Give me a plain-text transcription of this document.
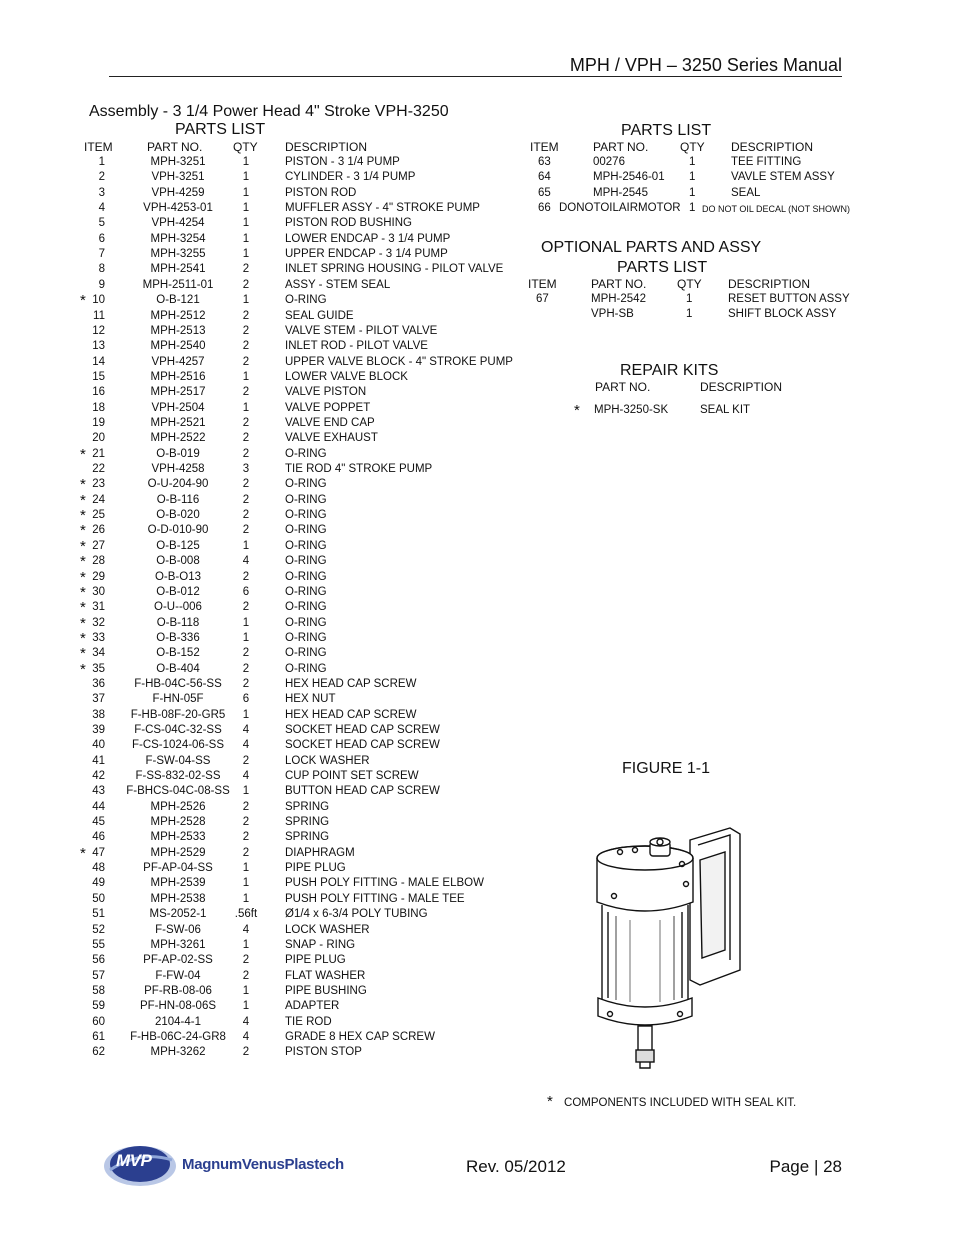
MPH / VPH – 3250 Series Manual
Assembly - 3 1/4 Power Head 4" Stroke VPH-3250
PARTS LIST
ITEM	PART NO.	QTY DESCRIPTION
1	MPH-3251	1	PISTON - 3 1/4 PUMP
2	VPH-3251	1	CYLINDER - 3 1/4 PUMP
3	VPH-4259	1	PISTON ROD
4	VPH-4253-01	1	MUFFLER ASSY - 4" STROKE PUMP
5	VPH-4254	1	PISTON ROD BUSHING
6	MPH-3254	1	LOWER ENDCAP - 3 1/4 PUMP
7	MPH-3255	1	UPPER ENDCAP - 3 1/4 PUMP
8	MPH-2541	2	INLET SPRING HOUSING - PILOT VALVE
9	MPH-2511-01	2	ASSY - STEM SEAL
* 10	O-B-121	1	O-RING
11	MPH-2512	2	SEAL GUIDE
12	MPH-2513	2	VALVE STEM - PILOT VALVE
13	MPH-2540	2	INLET ROD - PILOT VALVE
14	VPH-4257	2	UPPER VALVE BLOCK - 4" STROKE PUMP
15	MPH-2516	1	LOWER VALVE BLOCK
16	MPH-2517	2	VALVE PISTON
18	VPH-2504	1	VALVE POPPET
19	MPH-2521	2	VALVE END CAP
20	MPH-2522	2	VALVE EXHAUST
* 21	O-B-019	2	O-RING
22	VPH-4258	3	TIE ROD 4" STROKE PUMP
* 23	O-U-204-90	2	O-RING
* 24	O-B-116	2	O-RING
* 25	O-B-020	2	O-RING
* 26	O-D-010-90	2	O-RING
* 27	O-B-125	1	O-RING
* 28	O-B-008	4	O-RING
* 29	O-B-O13	2	O-RING
* 30	O-B-012	6	O-RING
* 31	O-U--006	2	O-RING
* 32	O-B-118	1	O-RING
* 33	O-B-336	1	O-RING
* 34	O-B-152	2	O-RING
* 35	O-B-404	2	O-RING
36	F-HB-04C-56-SS	2	HEX HEAD CAP SCREW
37	F-HN-05F	6	HEX NUT
38	F-HB-08F-20-GR5	1	HEX HEAD CAP SCREW
39	F-CS-04C-32-SS	4	SOCKET HEAD CAP SCREW
40	F-CS-1024-06-SS	4	SOCKET HEAD CAP SCREW
41	F-SW-04-SS	2	LOCK WASHER
42	F-SS-832-02-SS	4	CUP POINT SET SCREW
43	F-BHCS-04C-08-SS	1	BUTTON HEAD CAP SCREW
44	MPH-2526	2	SPRING
45	MPH-2528	2	SPRING
46	MPH-2533	2	SPRING
* 47	MPH-2529	2	DIAPHRAGM
48	PF-AP-04-SS	1	PIPE PLUG
49	MPH-2539	1	PUSH POLY FITTING - MALE ELBOW
50	MPH-2538	1	PUSH POLY FITTING - MALE TEE
51	MS-2052-1	.56ft	Ø1/4 x 6-3/4 POLY TUBING
52	F-SW-06	4	LOCK WASHER
55	MPH-3261	1	SNAP - RING
56	PF-AP-02-SS	2	PIPE PLUG
57	F-FW-04	2	FLAT WASHER
58	PF-RB-08-06	1	PIPE BUSHING
59	PF-HN-08-06S	1	ADAPTER
60	2104-4-1	4	TIE ROD
61	F-HB-06C-24-GR8	4	GRADE 8 HEX CAP SCREW
62	MPH-3262	2	PISTON STOP
PARTS LIST
ITEM	PART NO.	QTY DESCRIPTION
63	00276	1	TEE FITTING
64	MPH-2546-01 1	VAVLE STEM ASSY
65	MPH-2545	1	SEAL
66 DONOTOILAIRMOTOR 1 DO NOT OIL DECAL (NOT SHOWN)
OPTIONAL PARTS AND ASSY
PARTS LIST
ITEM	PART NO.	QTY DESCRIPTION
67	MPH-2542	1	RESET BUTTON ASSY
VPH-SB	1	SHIFT BLOCK ASSY
REPAIR KITS
PART NO.	DESCRIPTION
* MPH-3250-SK	SEAL KIT
FIGURE 1-1
* COMPONENTS INCLUDED WITH SEAL KIT.
MVP MagnumVenusPlastech	Rev. 05/2012	Page | 28
